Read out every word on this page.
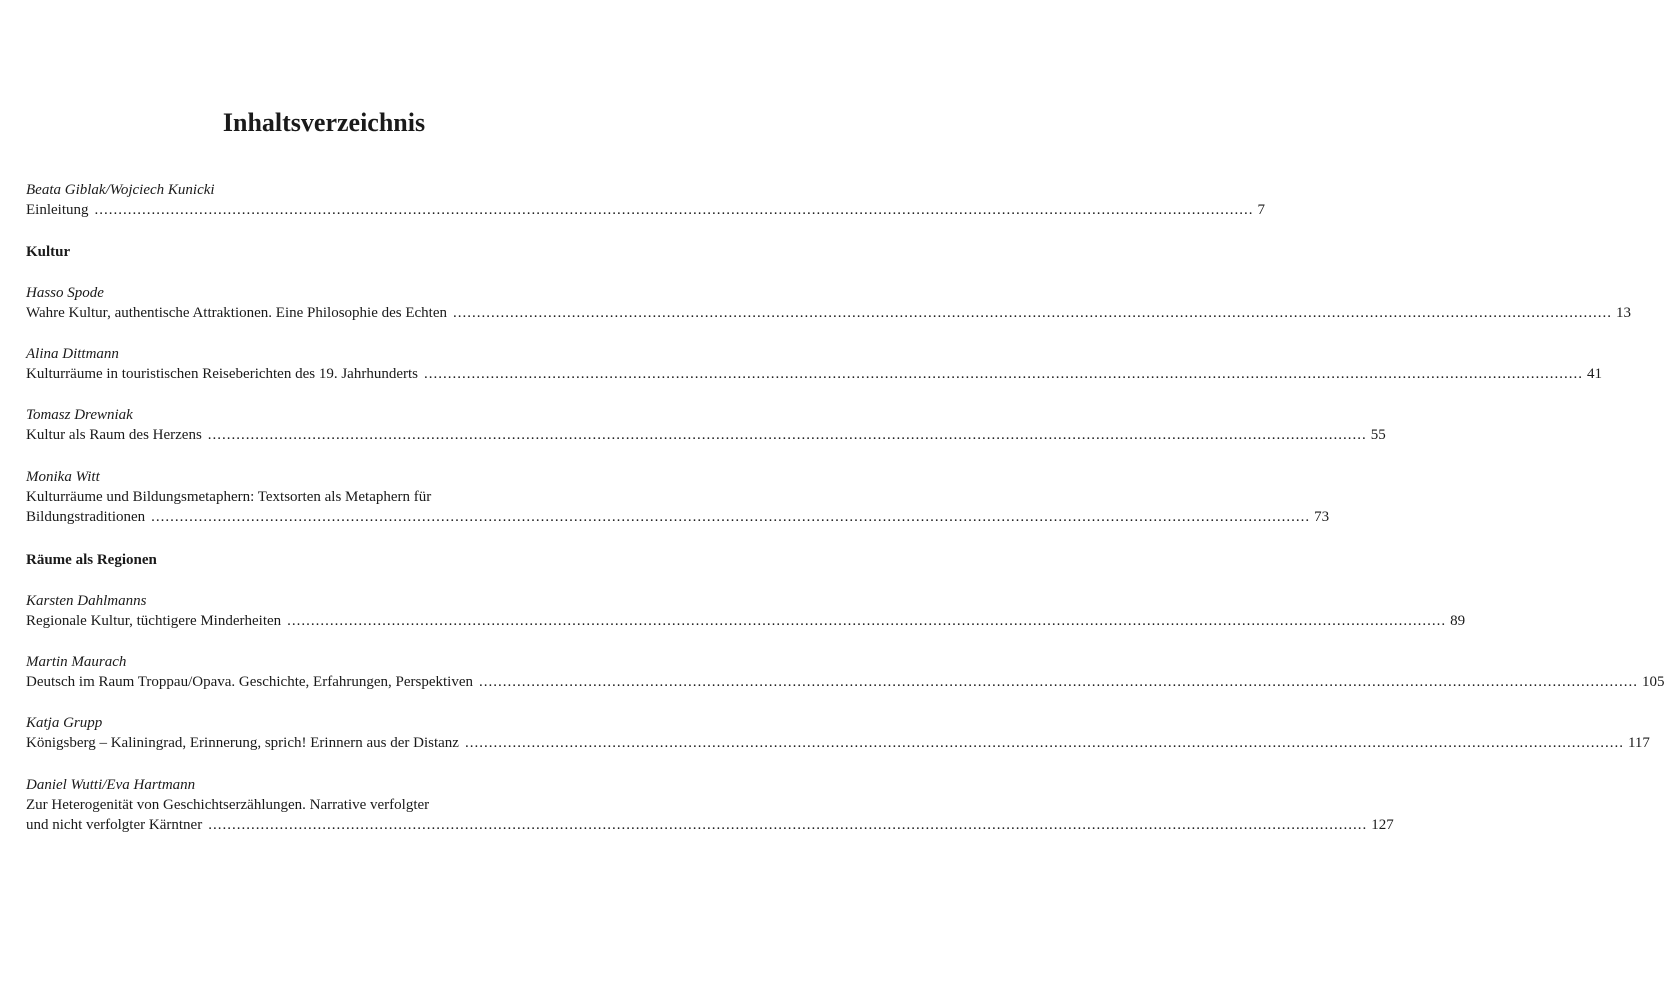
Inhaltsverzeichnis
Beata Giblak/Wojciech Kunicki
Einleitung .....	7
Kultur
Hasso Spode
Wahre Kultur, authentische Attraktionen. Eine Philosophie des Echten .....	13
Alina Dittmann
Kulturräume in touristischen Reiseberichten des 19. Jahrhunderts .....	41
Tomasz Drewniak
Kultur als Raum des Herzens .....	55
Monika Witt
Kulturräume und Bildungsmetaphern: Textsorten als Metaphern für
Bildungstraditionen .....	73
Räume als Regionen
Karsten Dahlmanns
Regionale Kultur, tüchtigere Minderheiten .....	89
Martin Maurach
Deutsch im Raum Troppau/Opava. Geschichte, Erfahrungen, Perspektiven .....	105
Katja Grupp
Königsberg – Kaliningrad, Erinnerung, sprich! Erinnern aus der Distanz .....	117
Daniel Wutti/Eva Hartmann
Zur Heterogenität von Geschichtserzählungen. Narrative verfolgter
und nicht verfolgter Kärntner .....	127
